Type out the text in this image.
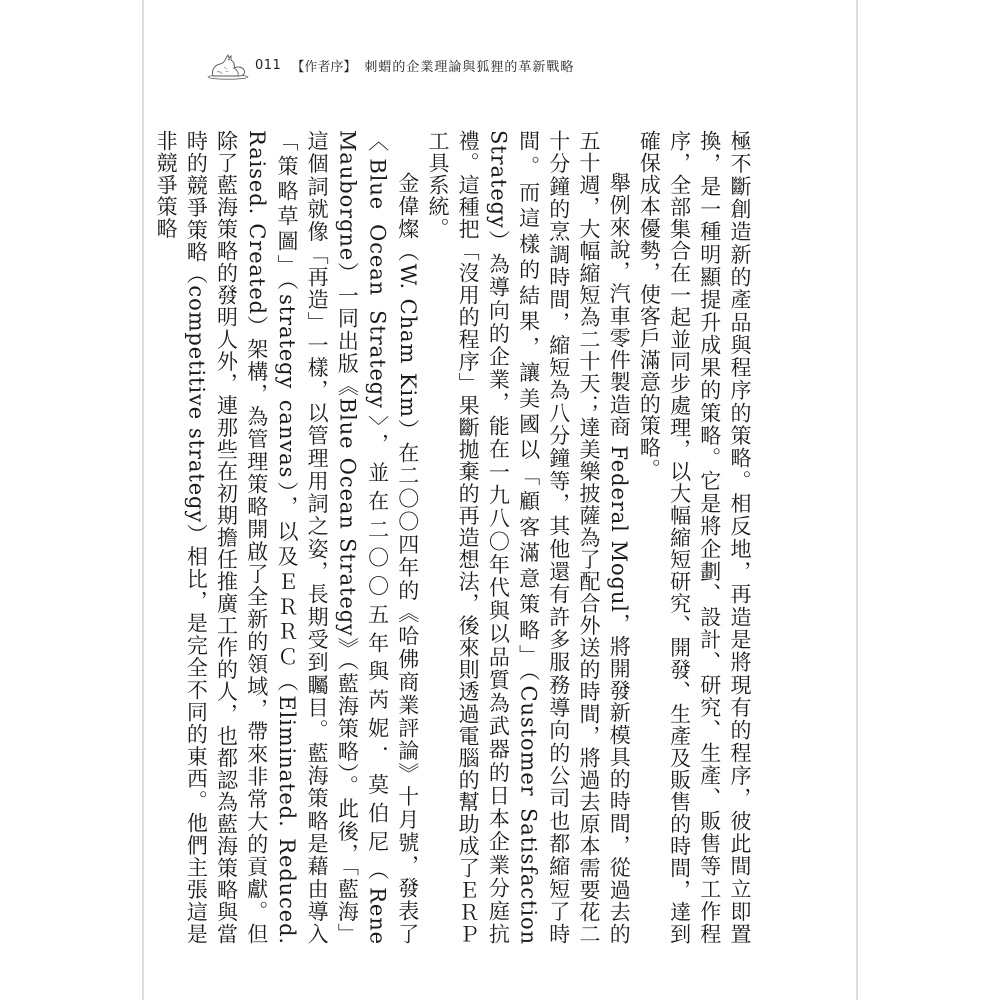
011 【作者序】 刺蝟的企業理論與狐狸的革新戰略

極不斷創造新的產品與程序的策略。相反地，再造是將現有的程序，彼此間立即置換，是一種明顯提升成果的策略。它是將企劃、設計、研究、生產、販售等工作程序，全部集合在一起並同步處理，以大幅縮短研究、開發、生產及販售的時間，達到確保成本優勢，使客戶滿意的策略。

舉例來說，汽車零件製造商 Federal Mogul，將開發新模具的時間，從過去的五十週，大幅縮短為二十天；達美樂披薩為了配合外送的時間，將過去原本需要花二十分鐘的烹調時間，縮短為八分鐘等，其他還有許多服務導向的公司也都縮短了時間。而這樣的結果，讓美國以「顧客滿意策略」（Customer Satisfaction Strategy）為導向的企業，能在一九八〇年代與以品質為武器的日本企業分庭抗禮。這種把「沒用的程序」果斷拋棄的再造想法，後來則透過電腦的幫助成了ＥＲＰ工具系統。

金偉燦（W. Cham Kim）在二〇〇四年的《哈佛商業評論》十月號，發表了〈Blue Ocean Strategy〉，並在二〇〇五年與芮妮．莫伯尼（Rene Mauborgne）一同出版《Blue Ocean Strategy》（藍海策略）。此後，「藍海」這個詞就像「再造」一樣，以管理用詞之姿，長期受到矚目。藍海策略是藉由導入「策略草圖」（strategy canvas），以及ＥＲＲＣ（Eliminated. Reduced. Raised. Created）架構，為管理策略開啟了全新的領域，帶來非常大的貢獻。但除了藍海策略的發明人外，連那些在初期擔任推廣工作的人，也都認為藍海策略與當時的競爭策略（competitive strategy）相比，是完全不同的東西。他們主張這是非競爭策略
